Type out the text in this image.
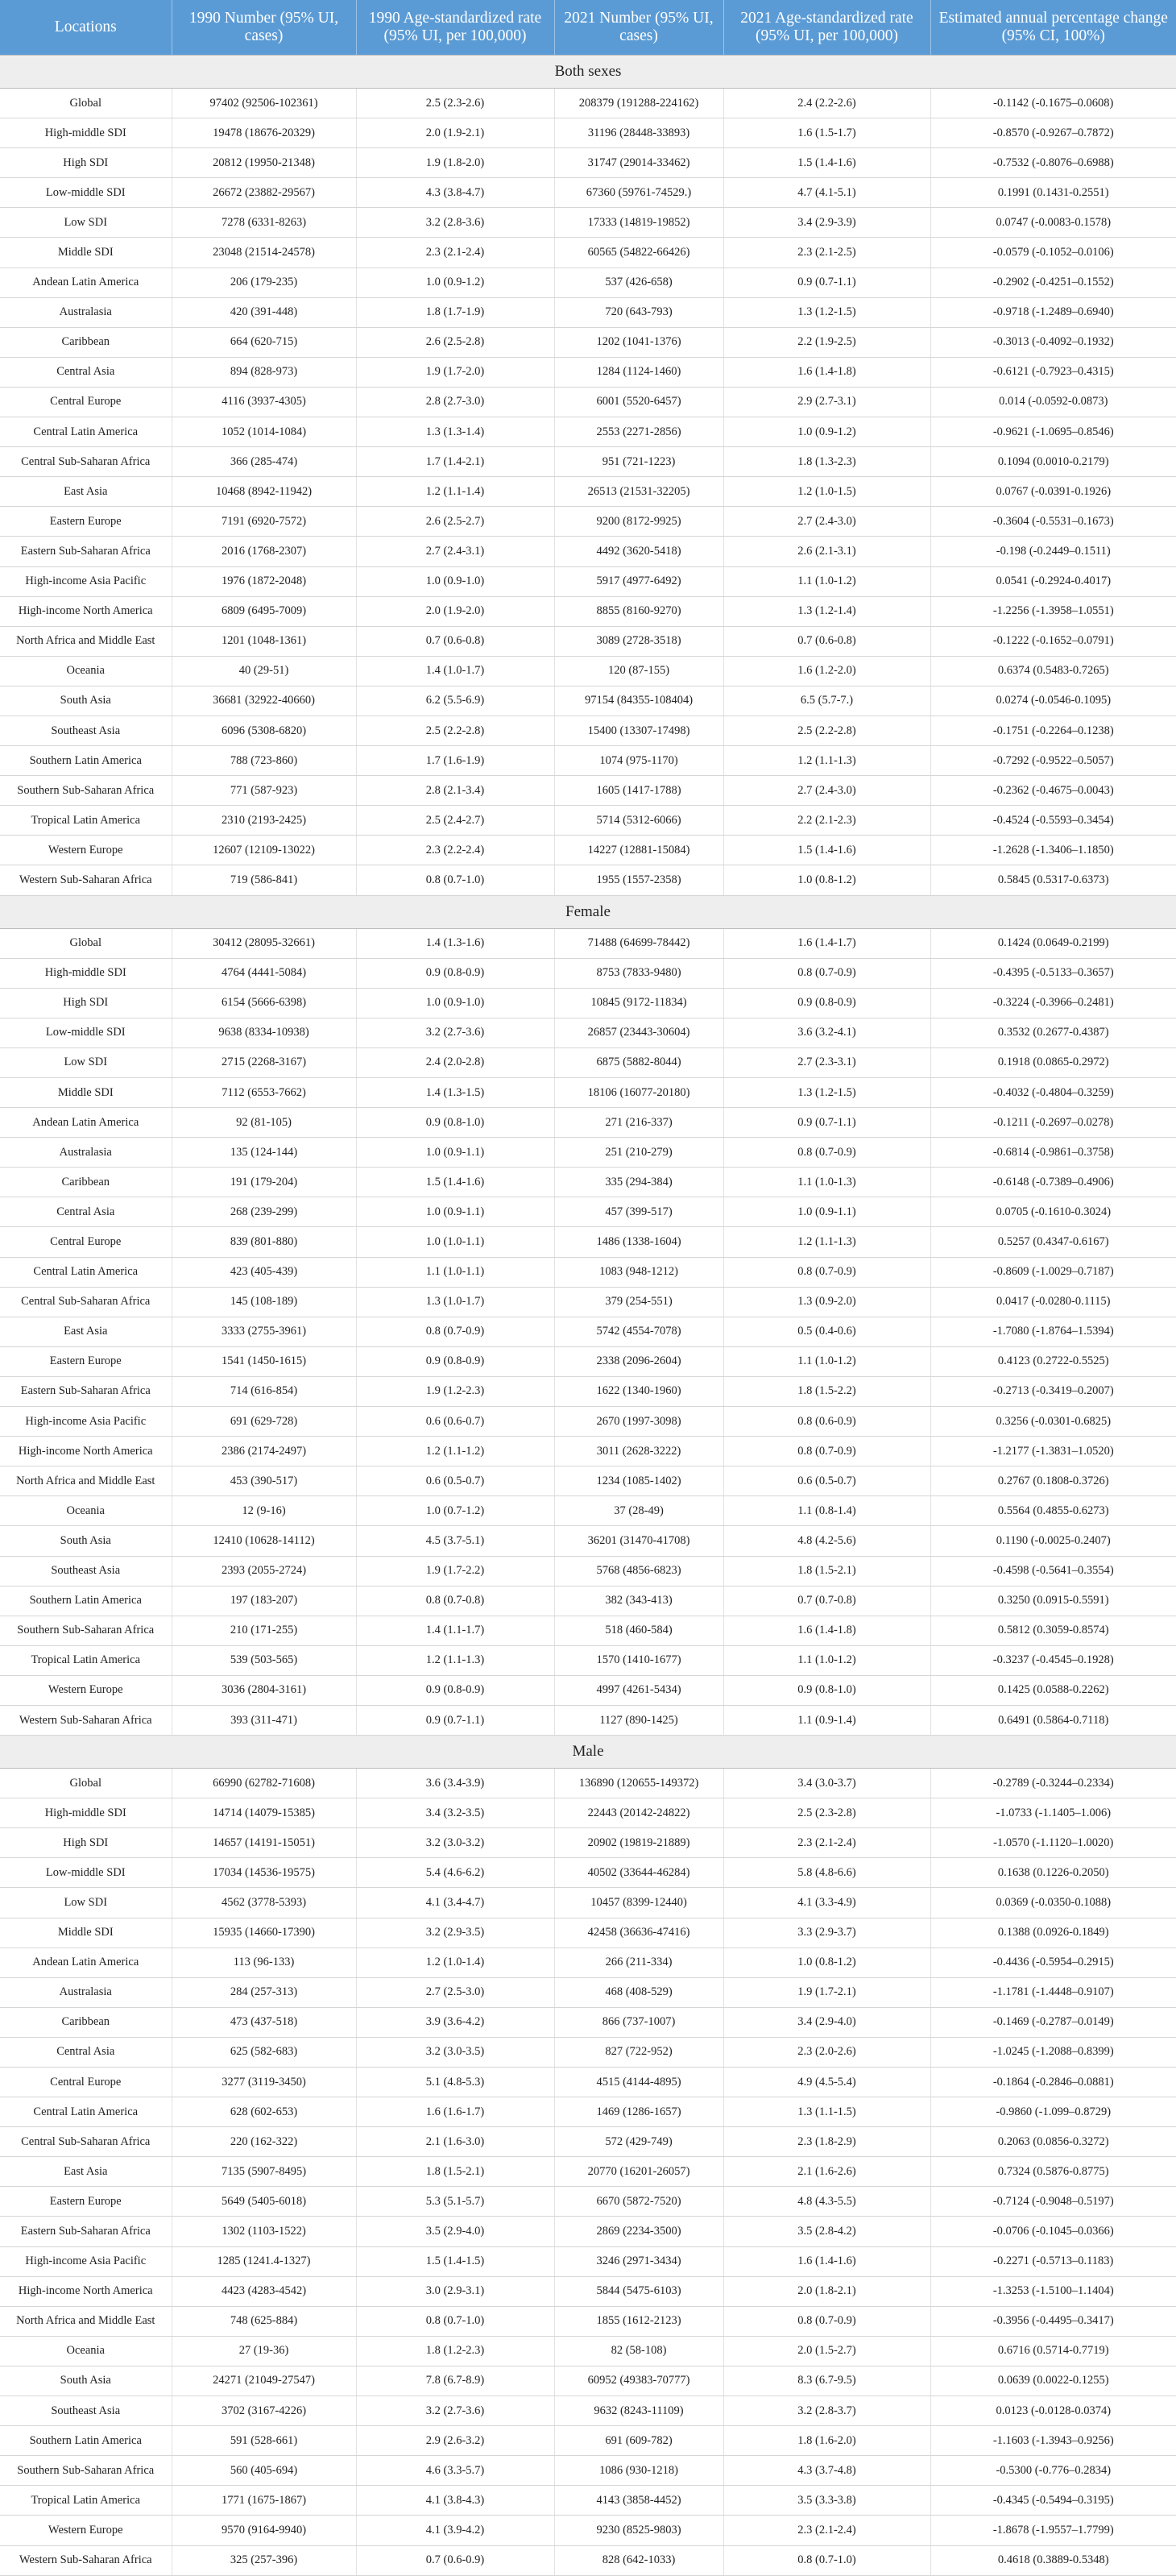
Locations	1990 Number (95% UI, cases)	1990 Age-standardized rate (95% UI, per 100,000)	2021 Number (95% UI, cases)	2021 Age-standardized rate (95% UI, per 100,000)	Estimated annual percentage change (95% CI, 100%)
Both sexes					
Global	97402 (92506-102361)	2.5 (2.3-2.6)	208379 (191288-224162)	2.4 (2.2-2.6)	-0.1142 (-0.1675–0.0608)
High-middle SDI	19478 (18676-20329)	2.0 (1.9-2.1)	31196 (28448-33893)	1.6 (1.5-1.7)	-0.8570 (-0.9267–0.7872)
High SDI	20812 (19950-21348)	1.9 (1.8-2.0)	31747 (29014-33462)	1.5 (1.4-1.6)	-0.7532 (-0.8076–0.6988)
Low-middle SDI	26672 (23882-29567)	4.3 (3.8-4.7)	67360 (59761-74529.)	4.7 (4.1-5.1)	0.1991 (0.1431-0.2551)
Low SDI	7278 (6331-8263)	3.2 (2.8-3.6)	17333 (14819-19852)	3.4 (2.9-3.9)	0.0747 (-0.0083-0.1578)
Middle SDI	23048 (21514-24578)	2.3 (2.1-2.4)	60565 (54822-66426)	2.3 (2.1-2.5)	-0.0579 (-0.1052–0.0106)
Andean Latin America	206 (179-235)	1.0 (0.9-1.2)	537 (426-658)	0.9 (0.7-1.1)	-0.2902 (-0.4251–0.1552)
Australasia	420 (391-448)	1.8 (1.7-1.9)	720 (643-793)	1.3 (1.2-1.5)	-0.9718 (-1.2489–0.6940)
Caribbean	664 (620-715)	2.6 (2.5-2.8)	1202 (1041-1376)	2.2 (1.9-2.5)	-0.3013 (-0.4092–0.1932)
Central Asia	894 (828-973)	1.9 (1.7-2.0)	1284 (1124-1460)	1.6 (1.4-1.8)	-0.6121 (-0.7923–0.4315)
Central Europe	4116 (3937-4305)	2.8 (2.7-3.0)	6001 (5520-6457)	2.9 (2.7-3.1)	0.014 (-0.0592-0.0873)
Central Latin America	1052 (1014-1084)	1.3 (1.3-1.4)	2553 (2271-2856)	1.0 (0.9-1.2)	-0.9621 (-1.0695–0.8546)
Central Sub-Saharan Africa	366 (285-474)	1.7 (1.4-2.1)	951 (721-1223)	1.8 (1.3-2.3)	0.1094 (0.0010-0.2179)
East Asia	10468 (8942-11942)	1.2 (1.1-1.4)	26513 (21531-32205)	1.2 (1.0-1.5)	0.0767 (-0.0391-0.1926)
Eastern Europe	7191 (6920-7572)	2.6 (2.5-2.7)	9200 (8172-9925)	2.7 (2.4-3.0)	-0.3604 (-0.5531–0.1673)
Eastern Sub-Saharan Africa	2016 (1768-2307)	2.7 (2.4-3.1)	4492 (3620-5418)	2.6 (2.1-3.1)	-0.198 (-0.2449–0.1511)
High-income Asia Pacific	1976 (1872-2048)	1.0 (0.9-1.0)	5917 (4977-6492)	1.1 (1.0-1.2)	0.0541 (-0.2924-0.4017)
High-income North America	6809 (6495-7009)	2.0 (1.9-2.0)	8855 (8160-9270)	1.3 (1.2-1.4)	-1.2256 (-1.3958–1.0551)
North Africa and Middle East	1201 (1048-1361)	0.7 (0.6-0.8)	3089 (2728-3518)	0.7 (0.6-0.8)	-0.1222 (-0.1652–0.0791)
Oceania	40 (29-51)	1.4 (1.0-1.7)	120 (87-155)	1.6 (1.2-2.0)	0.6374 (0.5483-0.7265)
South Asia	36681 (32922-40660)	6.2 (5.5-6.9)	97154 (84355-108404)	6.5 (5.7-7.)	0.0274 (-0.0546-0.1095)
Southeast Asia	6096 (5308-6820)	2.5 (2.2-2.8)	15400 (13307-17498)	2.5 (2.2-2.8)	-0.1751 (-0.2264–0.1238)
Southern Latin America	788 (723-860)	1.7 (1.6-1.9)	1074 (975-1170)	1.2 (1.1-1.3)	-0.7292 (-0.9522–0.5057)
Southern Sub-Saharan Africa	771 (587-923)	2.8 (2.1-3.4)	1605 (1417-1788)	2.7 (2.4-3.0)	-0.2362 (-0.4675–0.0043)
Tropical Latin America	2310 (2193-2425)	2.5 (2.4-2.7)	5714 (5312-6066)	2.2 (2.1-2.3)	-0.4524 (-0.5593–0.3454)
Western Europe	12607 (12109-13022)	2.3 (2.2-2.4)	14227 (12881-15084)	1.5 (1.4-1.6)	-1.2628 (-1.3406–1.1850)
Western Sub-Saharan Africa	719 (586-841)	0.8 (0.7-1.0)	1955 (1557-2358)	1.0 (0.8-1.2)	0.5845 (0.5317-0.6373)
Female					
Global	30412 (28095-32661)	1.4 (1.3-1.6)	71488 (64699-78442)	1.6 (1.4-1.7)	0.1424 (0.0649-0.2199)
High-middle SDI	4764 (4441-5084)	0.9 (0.8-0.9)	8753 (7833-9480)	0.8 (0.7-0.9)	-0.4395 (-0.5133–0.3657)
High SDI	6154 (5666-6398)	1.0 (0.9-1.0)	10845 (9172-11834)	0.9 (0.8-0.9)	-0.3224 (-0.3966–0.2481)
Low-middle SDI	9638 (8334-10938)	3.2 (2.7-3.6)	26857 (23443-30604)	3.6 (3.2-4.1)	0.3532 (0.2677-0.4387)
Low SDI	2715 (2268-3167)	2.4 (2.0-2.8)	6875 (5882-8044)	2.7 (2.3-3.1)	0.1918 (0.0865-0.2972)
Middle SDI	7112 (6553-7662)	1.4 (1.3-1.5)	18106 (16077-20180)	1.3 (1.2-1.5)	-0.4032 (-0.4804–0.3259)
Andean Latin America	92 (81-105)	0.9 (0.8-1.0)	271 (216-337)	0.9 (0.7-1.1)	-0.1211 (-0.2697–0.0278)
Australasia	135 (124-144)	1.0 (0.9-1.1)	251 (210-279)	0.8 (0.7-0.9)	-0.6814 (-0.9861–0.3758)
Caribbean	191 (179-204)	1.5 (1.4-1.6)	335 (294-384)	1.1 (1.0-1.3)	-0.6148 (-0.7389–0.4906)
Central Asia	268 (239-299)	1.0 (0.9-1.1)	457 (399-517)	1.0 (0.9-1.1)	0.0705 (-0.1610-0.3024)
Central Europe	839 (801-880)	1.0 (1.0-1.1)	1486 (1338-1604)	1.2 (1.1-1.3)	0.5257 (0.4347-0.6167)
Central Latin America	423 (405-439)	1.1 (1.0-1.1)	1083 (948-1212)	0.8 (0.7-0.9)	-0.8609 (-1.0029–0.7187)
Central Sub-Saharan Africa	145 (108-189)	1.3 (1.0-1.7)	379 (254-551)	1.3 (0.9-2.0)	0.0417 (-0.0280-0.1115)
East Asia	3333 (2755-3961)	0.8 (0.7-0.9)	5742 (4554-7078)	0.5 (0.4-0.6)	-1.7080 (-1.8764–1.5394)
Eastern Europe	1541 (1450-1615)	0.9 (0.8-0.9)	2338 (2096-2604)	1.1 (1.0-1.2)	0.4123 (0.2722-0.5525)
Eastern Sub-Saharan Africa	714 (616-854)	1.9 (1.2-2.3)	1622 (1340-1960)	1.8 (1.5-2.2)	-0.2713 (-0.3419–0.2007)
High-income Asia Pacific	691 (629-728)	0.6 (0.6-0.7)	2670 (1997-3098)	0.8 (0.6-0.9)	0.3256 (-0.0301-0.6825)
High-income North America	2386 (2174-2497)	1.2 (1.1-1.2)	3011 (2628-3222)	0.8 (0.7-0.9)	-1.2177 (-1.3831–1.0520)
North Africa and Middle East	453 (390-517)	0.6 (0.5-0.7)	1234 (1085-1402)	0.6 (0.5-0.7)	0.2767 (0.1808-0.3726)
Oceania	12 (9-16)	1.0 (0.7-1.2)	37 (28-49)	1.1 (0.8-1.4)	0.5564 (0.4855-0.6273)
South Asia	12410 (10628-14112)	4.5 (3.7-5.1)	36201 (31470-41708)	4.8 (4.2-5.6)	0.1190 (-0.0025-0.2407)
Southeast Asia	2393 (2055-2724)	1.9 (1.7-2.2)	5768 (4856-6823)	1.8 (1.5-2.1)	-0.4598 (-0.5641–0.3554)
Southern Latin America	197 (183-207)	0.8 (0.7-0.8)	382 (343-413)	0.7 (0.7-0.8)	0.3250 (0.0915-0.5591)
Southern Sub-Saharan Africa	210 (171-255)	1.4 (1.1-1.7)	518 (460-584)	1.6 (1.4-1.8)	0.5812 (0.3059-0.8574)
Tropical Latin America	539 (503-565)	1.2 (1.1-1.3)	1570 (1410-1677)	1.1 (1.0-1.2)	-0.3237 (-0.4545–0.1928)
Western Europe	3036 (2804-3161)	0.9 (0.8-0.9)	4997 (4261-5434)	0.9 (0.8-1.0)	0.1425 (0.0588-0.2262)
Western Sub-Saharan Africa	393 (311-471)	0.9 (0.7-1.1)	1127 (890-1425)	1.1 (0.9-1.4)	0.6491 (0.5864-0.7118)
Male					
Global	66990 (62782-71608)	3.6 (3.4-3.9)	136890 (120655-149372)	3.4 (3.0-3.7)	-0.2789 (-0.3244–0.2334)
High-middle SDI	14714 (14079-15385)	3.4 (3.2-3.5)	22443 (20142-24822)	2.5 (2.3-2.8)	-1.0733 (-1.1405–1.006)
High SDI	14657 (14191-15051)	3.2 (3.0-3.2)	20902 (19819-21889)	2.3 (2.1-2.4)	-1.0570 (-1.1120–1.0020)
Low-middle SDI	17034 (14536-19575)	5.4 (4.6-6.2)	40502 (33644-46284)	5.8 (4.8-6.6)	0.1638 (0.1226-0.2050)
Low SDI	4562 (3778-5393)	4.1 (3.4-4.7)	10457 (8399-12440)	4.1 (3.3-4.9)	0.0369 (-0.0350-0.1088)
Middle SDI	15935 (14660-17390)	3.2 (2.9-3.5)	42458 (36636-47416)	3.3 (2.9-3.7)	0.1388 (0.0926-0.1849)
Andean Latin America	113 (96-133)	1.2 (1.0-1.4)	266 (211-334)	1.0 (0.8-1.2)	-0.4436 (-0.5954–0.2915)
Australasia	284 (257-313)	2.7 (2.5-3.0)	468 (408-529)	1.9 (1.7-2.1)	-1.1781 (-1.4448–0.9107)
Caribbean	473 (437-518)	3.9 (3.6-4.2)	866 (737-1007)	3.4 (2.9-4.0)	-0.1469 (-0.2787–0.0149)
Central Asia	625 (582-683)	3.2 (3.0-3.5)	827 (722-952)	2.3 (2.0-2.6)	-1.0245 (-1.2088–0.8399)
Central Europe	3277 (3119-3450)	5.1 (4.8-5.3)	4515 (4144-4895)	4.9 (4.5-5.4)	-0.1864 (-0.2846–0.0881)
Central Latin America	628 (602-653)	1.6 (1.6-1.7)	1469 (1286-1657)	1.3 (1.1-1.5)	-0.9860 (-1.099–0.8729)
Central Sub-Saharan Africa	220 (162-322)	2.1 (1.6-3.0)	572 (429-749)	2.3 (1.8-2.9)	0.2063 (0.0856-0.3272)
East Asia	7135 (5907-8495)	1.8 (1.5-2.1)	20770 (16201-26057)	2.1 (1.6-2.6)	0.7324 (0.5876-0.8775)
Eastern Europe	5649 (5405-6018)	5.3 (5.1-5.7)	6670 (5872-7520)	4.8 (4.3-5.5)	-0.7124 (-0.9048–0.5197)
Eastern Sub-Saharan Africa	1302 (1103-1522)	3.5 (2.9-4.0)	2869 (2234-3500)	3.5 (2.8-4.2)	-0.0706 (-0.1045–0.0366)
High-income Asia Pacific	1285 (1241.4-1327)	1.5 (1.4-1.5)	3246 (2971-3434)	1.6 (1.4-1.6)	-0.2271 (-0.5713–0.1183)
High-income North America	4423 (4283-4542)	3.0 (2.9-3.1)	5844 (5475-6103)	2.0 (1.8-2.1)	-1.3253 (-1.5100–1.1404)
North Africa and Middle East	748 (625-884)	0.8 (0.7-1.0)	1855 (1612-2123)	0.8 (0.7-0.9)	-0.3956 (-0.4495–0.3417)
Oceania	27 (19-36)	1.8 (1.2-2.3)	82 (58-108)	2.0 (1.5-2.7)	0.6716 (0.5714-0.7719)
South Asia	24271 (21049-27547)	7.8 (6.7-8.9)	60952 (49383-70777)	8.3 (6.7-9.5)	0.0639 (0.0022-0.1255)
Southeast Asia	3702 (3167-4226)	3.2 (2.7-3.6)	9632 (8243-11109)	3.2 (2.8-3.7)	0.0123 (-0.0128-0.0374)
Southern Latin America	591 (528-661)	2.9 (2.6-3.2)	691 (609-782)	1.8 (1.6-2.0)	-1.1603 (-1.3943–0.9256)
Southern Sub-Saharan Africa	560 (405-694)	4.6 (3.3-5.7)	1086 (930-1218)	4.3 (3.7-4.8)	-0.5300 (-0.776–0.2834)
Tropical Latin America	1771 (1675-1867)	4.1 (3.8-4.3)	4143 (3858-4452)	3.5 (3.3-3.8)	-0.4345 (-0.5494–0.3195)
Western Europe	9570 (9164-9940)	4.1 (3.9-4.2)	9230 (8525-9803)	2.3 (2.1-2.4)	-1.8678 (-1.9557–1.7799)
Western Sub-Saharan Africa	325 (257-396)	0.7 (0.6-0.9)	828 (642-1033)	0.8 (0.7-1.0)	0.4618 (0.3889-0.5348)
